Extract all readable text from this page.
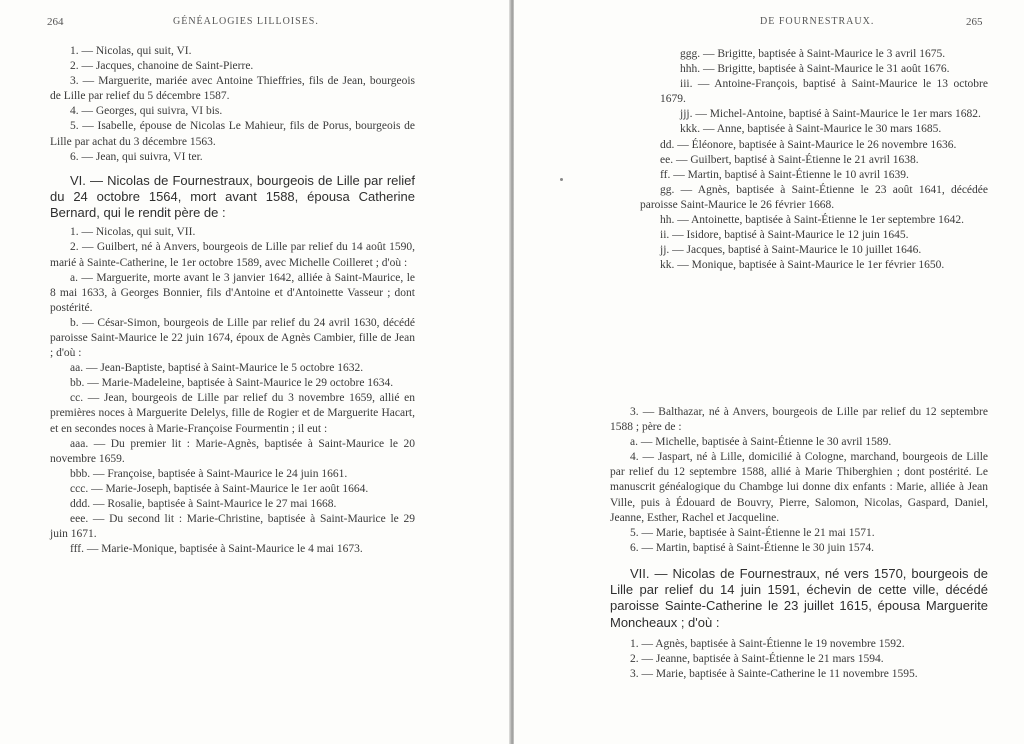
264	GÉNÉALOGIES LILLOISES.

1. — Nicolas, qui suit, VI.

2. — Jacques, chanoine de Saint-Pierre.

3. — Marguerite, mariée avec Antoine Thieffries, fils de Jean, bourgeois de Lille par relief du 5 décembre 1587.

4. — Georges, qui suivra, VI bis.

5. — Isabelle, épouse de Nicolas Le Mahieur, fils de Porus, bourgeois de Lille par achat du 3 décembre 1563.

6. — Jean, qui suivra, VI ter.

VI. — Nicolas de Fournestraux, bourgeois de Lille par relief du 24 octobre 1564, mort avant 1588, épousa Catherine Bernard, qui le rendit père de :

1. — Nicolas, qui suit, VII.

2. — Guilbert, né à Anvers, bourgeois de Lille par relief du 14 août 1590, marié à Sainte-Catherine, le 1er octobre 1589, avec Michelle Coilleret ; d'où :

a. — Marguerite, morte avant le 3 janvier 1642, alliée à Saint-Maurice, le 8 mai 1633, à Georges Bonnier, fils d'Antoine et d'Antoinette Vasseur ; dont postérité.

b. — César-Simon, bourgeois de Lille par relief du 24 avril 1630, décédé paroisse Saint-Maurice le 22 juin 1674, époux de Agnès Cambier, fille de Jean ; d'où :

aa. — Jean-Baptiste, baptisé à Saint-Maurice le 5 octobre 1632.

bb. — Marie-Madeleine, baptisée à Saint-Maurice le 29 octobre 1634.

cc. — Jean, bourgeois de Lille par relief du 3 novembre 1659, allié en premières noces à Marguerite Delelys, fille de Rogier et de Marguerite Hacart, et en secondes noces à Marie-Françoise Fourmentin ; il eut :

aaa. — Du premier lit : Marie-Agnès, baptisée à Saint-Maurice le 20 novembre 1659.

bbb. — Françoise, baptisée à Saint-Maurice le 24 juin 1661.

ccc. — Marie-Joseph, baptisée à Saint-Maurice le 1er août 1664.

ddd. — Rosalie, baptisée à Saint-Maurice le 27 mai 1668.

eee. — Du second lit : Marie-Christine, baptisée à Saint-Maurice le 29 juin 1671.

fff. — Marie-Monique, baptisée à Saint-Maurice le 4 mai 1673.

DE FOURNESTRAUX.	265

ggg. — Brigitte, baptisée à Saint-Maurice le 3 avril 1675.

hhh. — Brigitte, baptisée à Saint-Maurice le 31 août 1676.

iii. — Antoine-François, baptisé à Saint-Maurice le 13 octobre 1679.

jjj. — Michel-Antoine, baptisé à Saint-Maurice le 1er mars 1682.

kkk. — Anne, baptisée à Saint-Maurice le 30 mars 1685.

dd. — Éléonore, baptisée à Saint-Maurice le 26 novembre 1636.

ee. — Guilbert, baptisé à Saint-Étienne le 21 avril 1638.

ff. — Martin, baptisé à Saint-Étienne le 10 avril 1639.

gg. — Agnès, baptisée à Saint-Étienne le 23 août 1641, décédée paroisse Saint-Maurice le 26 février 1668.

hh. — Antoinette, baptisée à Saint-Étienne le 1er septembre 1642.

ii. — Isidore, baptisé à Saint-Maurice le 12 juin 1645.

jj. — Jacques, baptisé à Saint-Maurice le 10 juillet 1646.

kk. — Monique, baptisée à Saint-Maurice le 1er février 1650.

3. — Balthazar, né à Anvers, bourgeois de Lille par relief du 12 septembre 1588 ; père de :

a. — Michelle, baptisée à Saint-Étienne le 30 avril 1589.

4. — Jaspart, né à Lille, domicilié à Cologne, marchand, bourgeois de Lille par relief du 12 septembre 1588, allié à Marie Thiberghien ; dont postérité. Le manuscrit généalogique du Chambge lui donne dix enfants : Marie, alliée à Jean Ville, puis à Édouard de Bouvry, Pierre, Salomon, Nicolas, Gaspard, Daniel, Jeanne, Esther, Rachel et Jacqueline.

5. — Marie, baptisée à Saint-Étienne le 21 mai 1571.

6. — Martin, baptisé à Saint-Étienne le 30 juin 1574.

VII. — Nicolas de Fournestraux, né vers 1570, bourgeois de Lille par relief du 14 juin 1591, échevin de cette ville, décédé paroisse Sainte-Catherine le 23 juillet 1615, épousa Marguerite Moncheaux ; d'où :

1. — Agnès, baptisée à Saint-Étienne le 19 novembre 1592.

2. — Jeanne, baptisée à Saint-Étienne le 21 mars 1594.

3. — Marie, baptisée à Sainte-Catherine le 11 novembre 1595.
